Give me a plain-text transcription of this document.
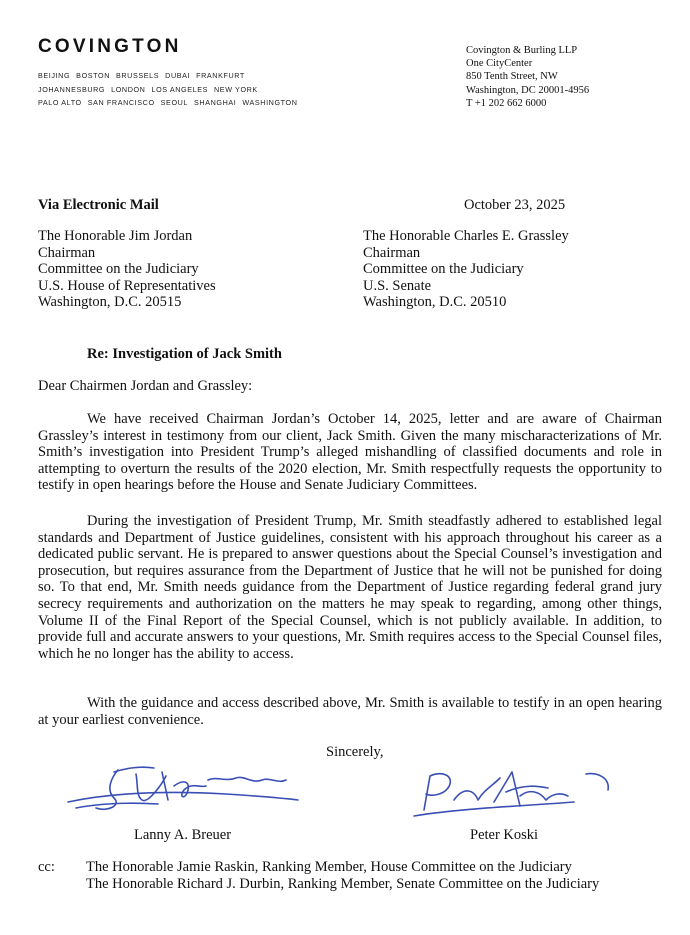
COVINGTON
BEIJING BOSTON BRUSSELS DUBAI FRANKFURT
JOHANNESBURG LONDON LOS ANGELES NEW YORK
PALO ALTO SAN FRANCISCO SEOUL SHANGHAI WASHINGTON
Covington & Burling LLP
One CityCenter
850 Tenth Street, NW
Washington, DC 20001-4956
T +1 202 662 6000
Via Electronic Mail	October 23, 2025
The Honorable Jim Jordan
Chairman
Committee on the Judiciary
U.S. House of Representatives
Washington, D.C. 20515
The Honorable Charles E. Grassley
Chairman
Committee on the Judiciary
U.S. Senate
Washington, D.C. 20510
Re: Investigation of Jack Smith
Dear Chairmen Jordan and Grassley:
We have received Chairman Jordan’s October 14, 2025, letter and are aware of Chairman Grassley’s interest in testimony from our client, Jack Smith. Given the many mischaracterizations of Mr. Smith’s investigation into President Trump’s alleged mishandling of classified documents and role in attempting to overturn the results of the 2020 election, Mr. Smith respectfully requests the opportunity to testify in open hearings before the House and Senate Judiciary Committees.
During the investigation of President Trump, Mr. Smith steadfastly adhered to established legal standards and Department of Justice guidelines, consistent with his approach throughout his career as a dedicated public servant. He is prepared to answer questions about the Special Counsel’s investigation and prosecution, but requires assurance from the Department of Justice that he will not be punished for doing so. To that end, Mr. Smith needs guidance from the Department of Justice regarding federal grand jury secrecy requirements and authorization on the matters he may speak to regarding, among other things, Volume II of the Final Report of the Special Counsel, which is not publicly available. In addition, to provide full and accurate answers to your questions, Mr. Smith requires access to the Special Counsel files, which he no longer has the ability to access.
With the guidance and access described above, Mr. Smith is available to testify in an open hearing at your earliest convenience.
Sincerely,
Lanny A. Breuer	Peter Koski
cc: The Honorable Jamie Raskin, Ranking Member, House Committee on the Judiciary
The Honorable Richard J. Durbin, Ranking Member, Senate Committee on the Judiciary
